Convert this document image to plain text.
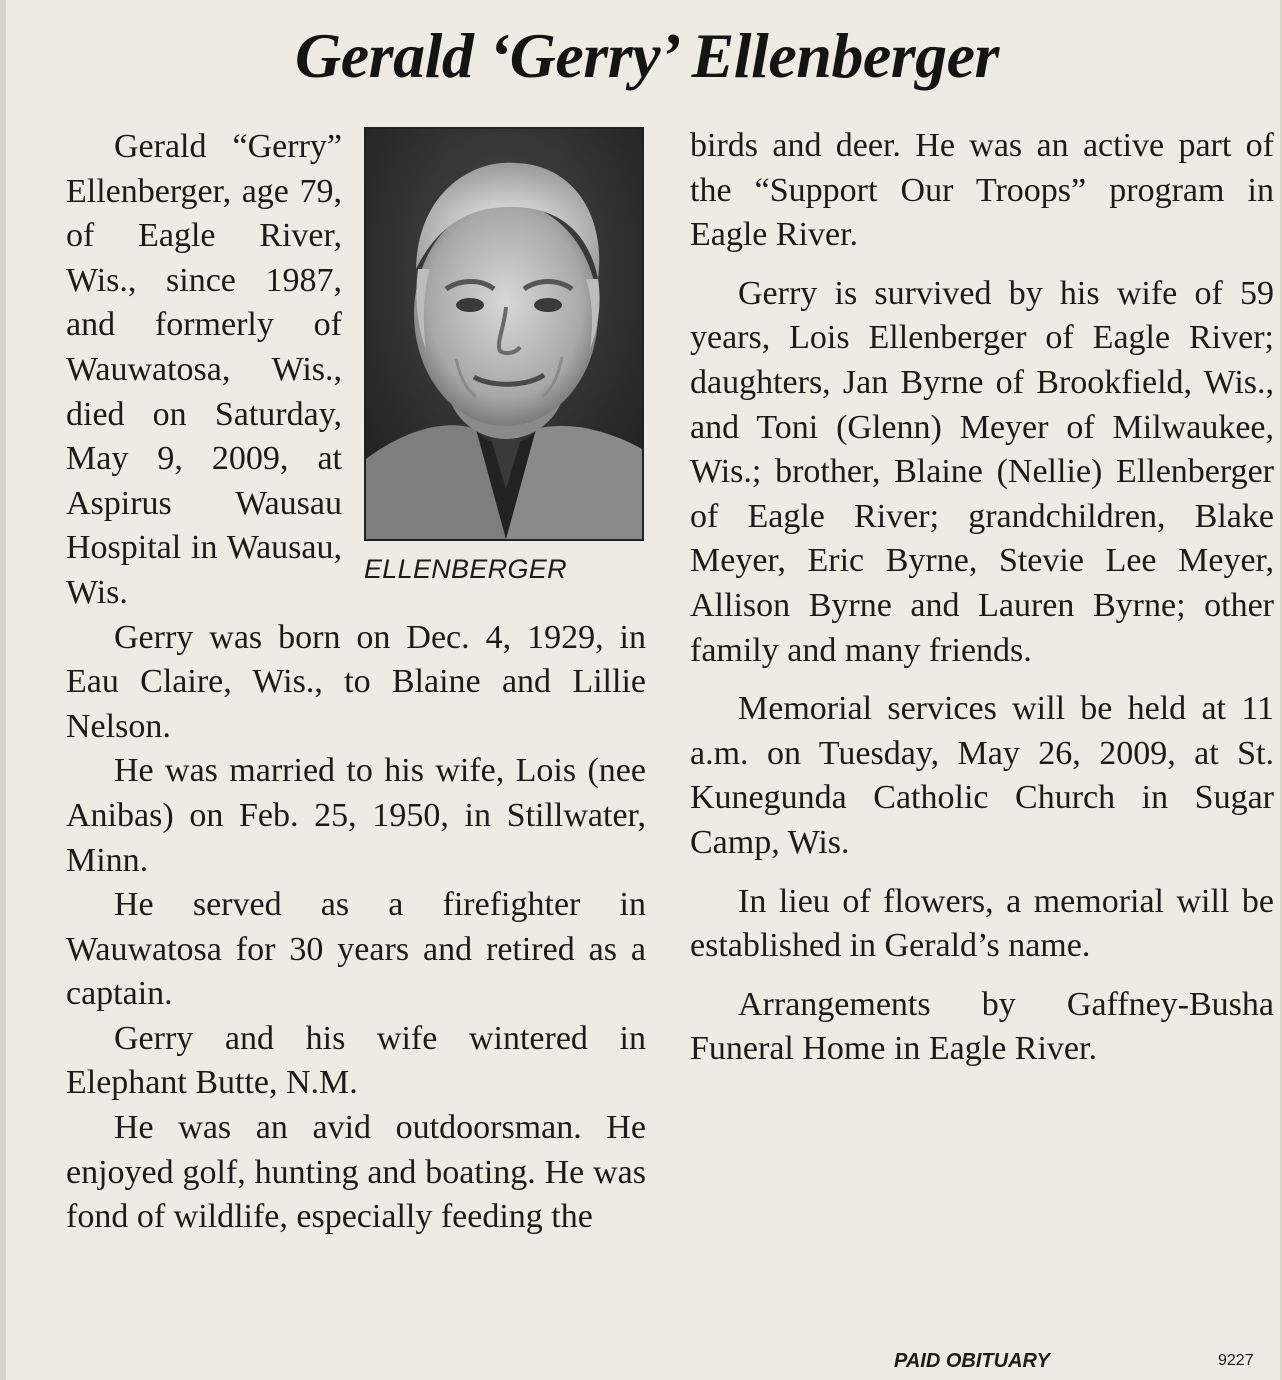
Gerald ‘Gerry’ Ellenberger
ELLENBERGER

Gerald “Gerry” Ellenberger, age 79, of Eagle River, Wis., since 1987, and formerly of Wauwatosa, Wis., died on Saturday, May 9, 2009, at Aspirus Wausau Hospital in Wausau, Wis.

Gerry was born on Dec. 4, 1929, in Eau Claire, Wis., to Blaine and Lillie Nelson.

He was married to his wife, Lois (nee Anibas) on Feb. 25, 1950, in Stillwater, Minn.

He served as a firefighter in Wauwatosa for 30 years and retired as a captain.

Gerry and his wife wintered in Elephant Butte, N.M.

He was an avid outdoorsman. He enjoyed golf, hunting and boating. He was fond of wildlife, especially feeding the

birds and deer. He was an active part of the “Support Our Troops” program in Eagle River.

Gerry is survived by his wife of 59 years, Lois Ellenberger of Eagle River; daughters, Jan Byrne of Brookfield, Wis., and Toni (Glenn) Meyer of Milwaukee, Wis.; brother, Blaine (Nellie) Ellenberger of Eagle River; grandchildren, Blake Meyer, Eric Byrne, Stevie Lee Meyer, Allison Byrne and Lauren Byrne; other family and many friends.

Memorial services will be held at 11 a.m. on Tuesday, May 26, 2009, at St. Kunegunda Catholic Church in Sugar Camp, Wis.

In lieu of flowers, a memorial will be established in Gerald’s name.

Arrangements by Gaffney-Busha Funeral Home in Eagle River.

PAID OBITUARY	9227
